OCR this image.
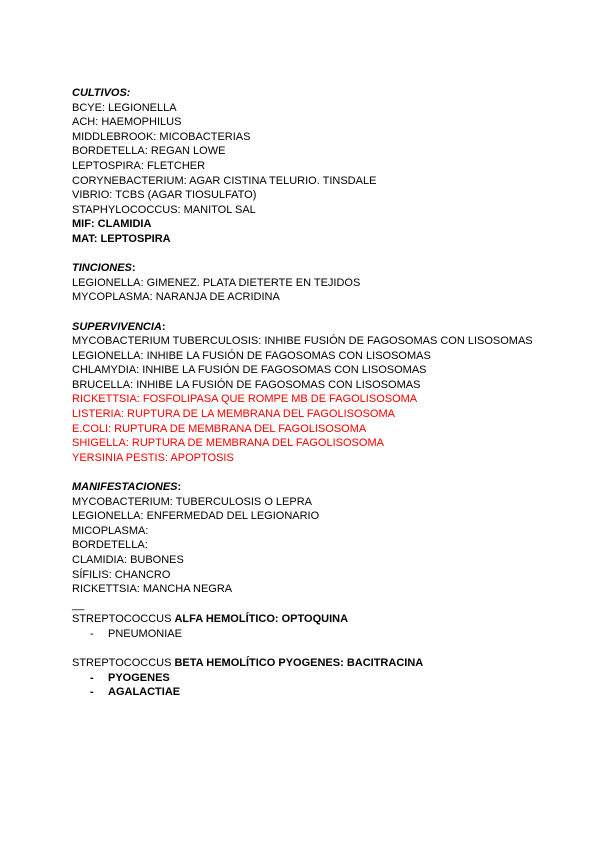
CULTIVOS:
BCYE: LEGIONELLA
ACH: HAEMOPHILUS
MIDDLEBROOK: MICOBACTERIAS
BORDETELLA: REGAN LOWE
LEPTOSPIRA: FLETCHER
CORYNEBACTERIUM: AGAR CISTINA TELURIO. TINSDALE
VIBRIO: TCBS (AGAR TIOSULFATO)
STAPHYLOCOCCUS: MANITOL SAL
MIF: CLAMIDIA
MAT: LEPTOSPIRA
TINCIONES:
LEGIONELLA: GIMENEZ. PLATA DIETERTE EN TEJIDOS
MYCOPLASMA: NARANJA DE ACRIDINA
SUPERVIVENCIA:
MYCOBACTERIUM TUBERCULOSIS: INHIBE FUSIÓN DE FAGOSOMAS CON LISOSOMAS
LEGIONELLA: INHIBE LA FUSIÓN DE FAGOSOMAS CON LISOSOMAS
CHLAMYDIA: INHIBE LA FUSIÓN DE FAGOSOMAS CON LISOSOMAS
BRUCELLA: INHIBE LA FUSIÓN DE FAGOSOMAS CON LISOSOMAS
RICKETTSIA: FOSFOLIPASA QUE ROMPE MB DE FAGOLISOSOMA
LISTERIA: RUPTURA DE LA MEMBRANA DEL FAGOLISOSOMA
E.COLI: RUPTURA DE MEMBRANA DEL FAGOLISOSOMA
SHIGELLA: RUPTURA DE MEMBRANA DEL FAGOLISOSOMA
YERSINIA PESTIS: APOPTOSIS
MANIFESTACIONES:
MYCOBACTERIUM: TUBERCULOSIS O LEPRA
LEGIONELLA: ENFERMEDAD DEL LEGIONARIO
MICOPLASMA:
BORDETELLA:
CLAMIDIA: BUBONES
SÍFILIS: CHANCRO
RICKETTSIA: MANCHA NEGRA
__
STREPTOCOCCUS ALFA HEMOLÍTICO: OPTOQUINA
- PNEUMONIAE
STREPTOCOCCUS BETA HEMOLÍTICO PYOGENES: BACITRACINA
- PYOGENES
- AGALACTIAE
